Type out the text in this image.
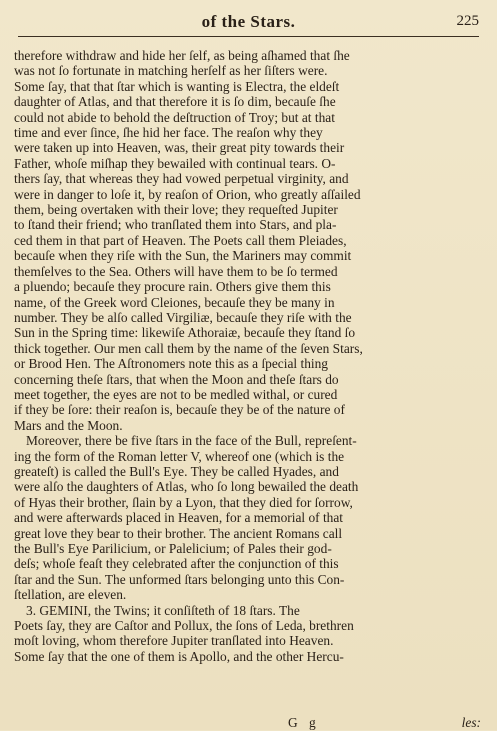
of the Stars.	225
therefore withdraw and hide her ſelf, as being aſhamed that ſhe
was not ſo fortunate in matching herſelf as her ſiſters were.
Some ſay, that that ſtar which is wanting is Electra, the eldeſt
daughter of Atlas, and that therefore it is ſo dim, becauſe ſhe
could not abide to behold the deſtruction of Troy; but at that
time and ever ſince, ſhe hid her face. The reaſon why they
were taken up into Heaven, was, their great pity towards their
Father, whoſe miſhap they bewailed with continual tears. O-
thers ſay, that whereas they had vowed perpetual virginity, and
were in danger to loſe it, by reaſon of Orion, who greatly aſſailed
them, being overtaken with their love; they requeſted Jupiter
to ſtand their friend; who tranſlated them into Stars, and pla-
ced them in that part of Heaven. The Poets call them Pleiades,
becauſe when they riſe with the Sun, the Mariners may commit
themſelves to the Sea. Others will have them to be ſo termed
a pluendo; becauſe they procure rain. Others give them this
name, of the Greek word Cleiones, becauſe they be many in
number. They be alſo called Virgiliæ, becauſe they riſe with the
Sun in the Spring time: likewiſe Athoraiæ, becauſe they ſtand ſo
thick together. Our men call them by the name of the ſeven Stars,
or Brood Hen. The Aſtronomers note this as a ſpecial thing
concerning theſe ſtars, that when the Moon and theſe ſtars do
meet together, the eyes are not to be medled withal, or cured
if they be ſore: their reaſon is, becauſe they be of the nature of
Mars and the Moon.
Moreover, there be five ſtars in the face of the Bull, repreſent-
ing the form of the Roman letter V, whereof one (which is the
greateſt) is called the Bull's Eye. They be called Hyades, and
were alſo the daughters of Atlas, who ſo long bewailed the death
of Hyas their brother, ſlain by a Lyon, that they died for ſorrow,
and were afterwards placed in Heaven, for a memorial of that
great love they bear to their brother. The ancient Romans call
the Bull's Eye Parilicium, or Palelicium; of Pales their god-
deſs; whoſe feaſt they celebrated after the conjunction of this
ſtar and the Sun. The unformed ſtars belonging unto this Con-
ſtellation, are eleven.
3. GEMINI, the Twins; it conſiſteth of 18 ſtars. The
Poets ſay, they are Caſtor and Pollux, the ſons of Leda, brethren
moſt loving, whom therefore Jupiter tranſlated into Heaven.
Some ſay that the one of them is Apollo, and the other Hercu-
G g	les:
